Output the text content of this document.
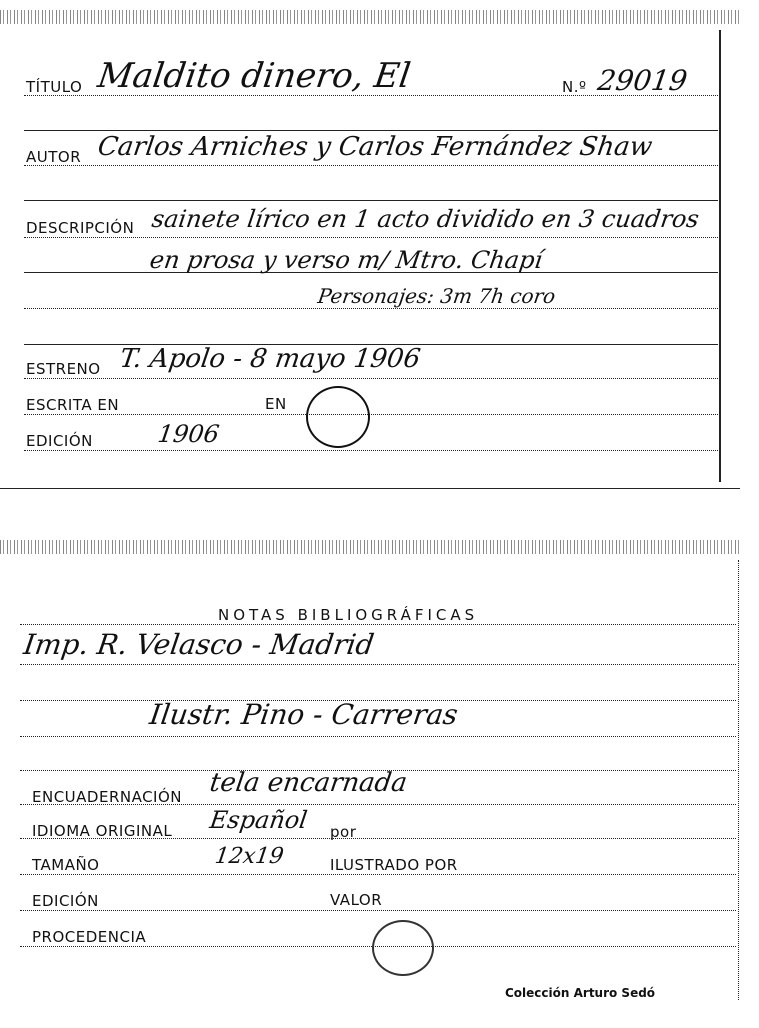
TÍTULO Maldito dinero, El	N.º 29019
AUTOR Carlos Arniches y Carlos Fernández Shaw
DESCRIPCIÓN sainete lírico en 1 acto dividido en 3 cuadros
en prosa y verso m/ Mtro. Chapí
Personajes: 3m 7h coro
ESTRENO T. Apolo - 8 mayo 1906
ESCRITA EN	EN
EDICIÓN	1906
NOTAS BIBLIOGRÁFICAS
Imp. R. Velasco - Madrid
Ilustr. Pino - Carreras
ENCUADERNACIÓN tela encarnada
IDIOMA ORIGINAL Español por
TAMAÑO	12x19	ILUSTRADO POR
EDICIÓN	VALOR
PROCEDENCIA
Colección Arturo Sedó
